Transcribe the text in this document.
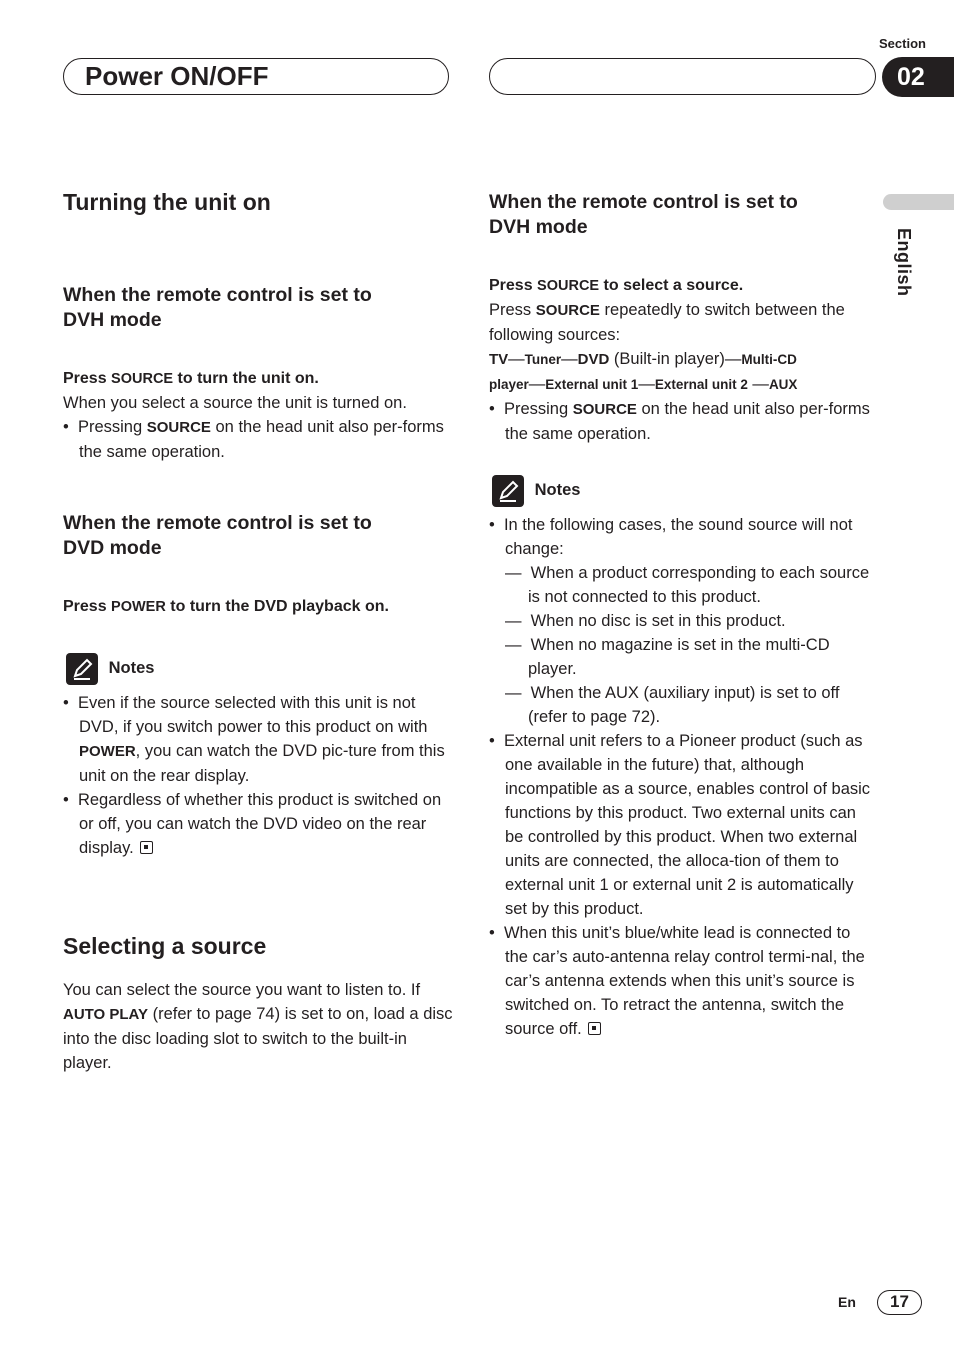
Section
Power ON/OFF	02
English
Turning the unit on
When the remote control is set to
DVH mode
Press SOURCE to turn the unit on.
When you select a source the unit is turned on.
•  Pressing SOURCE on the head unit also per-forms the same operation.
When the remote control is set to
DVD mode
Press POWER to turn the DVD playback on.
Notes
•  Even if the source selected with this unit is not DVD, if you switch power to this product on with POWER, you can watch the DVD pic-ture from this unit on the rear display.
•  Regardless of whether this product is switched on or off, you can watch the DVD video on the rear display.
Selecting a source
You can select the source you want to listen to. If AUTO PLAY (refer to page 74) is set to on, load a disc into the disc loading slot to switch to the built-in player.
When the remote control is set to
DVH mode
Press SOURCE to select a source.
Press SOURCE repeatedly to switch between the following sources:
TV—Tuner—DVD (Built-in player)—Multi-CD
player—External unit 1—External unit 2 —AUX
•  Pressing SOURCE on the head unit also per-forms the same operation.
Notes
•  In the following cases, the sound source will not change:
—  When a product corresponding to each source is not connected to this product.
—  When no disc is set in this product.
—  When no magazine is set in the multi-CD player.
—  When the AUX (auxiliary input) is set to off (refer to page 72).
•  External unit refers to a Pioneer product (such as one available in the future) that, although incompatible as a source, enables control of basic functions by this product. Two external units can be controlled by this product. When two external units are connected, the alloca-tion of them to external unit 1 or external unit 2 is automatically set by this product.
•  When this unit’s blue/white lead is connected to the car’s auto-antenna relay control termi-nal, the car’s antenna extends when this unit’s source is switched on. To retract the antenna, switch the source off.
En	17
